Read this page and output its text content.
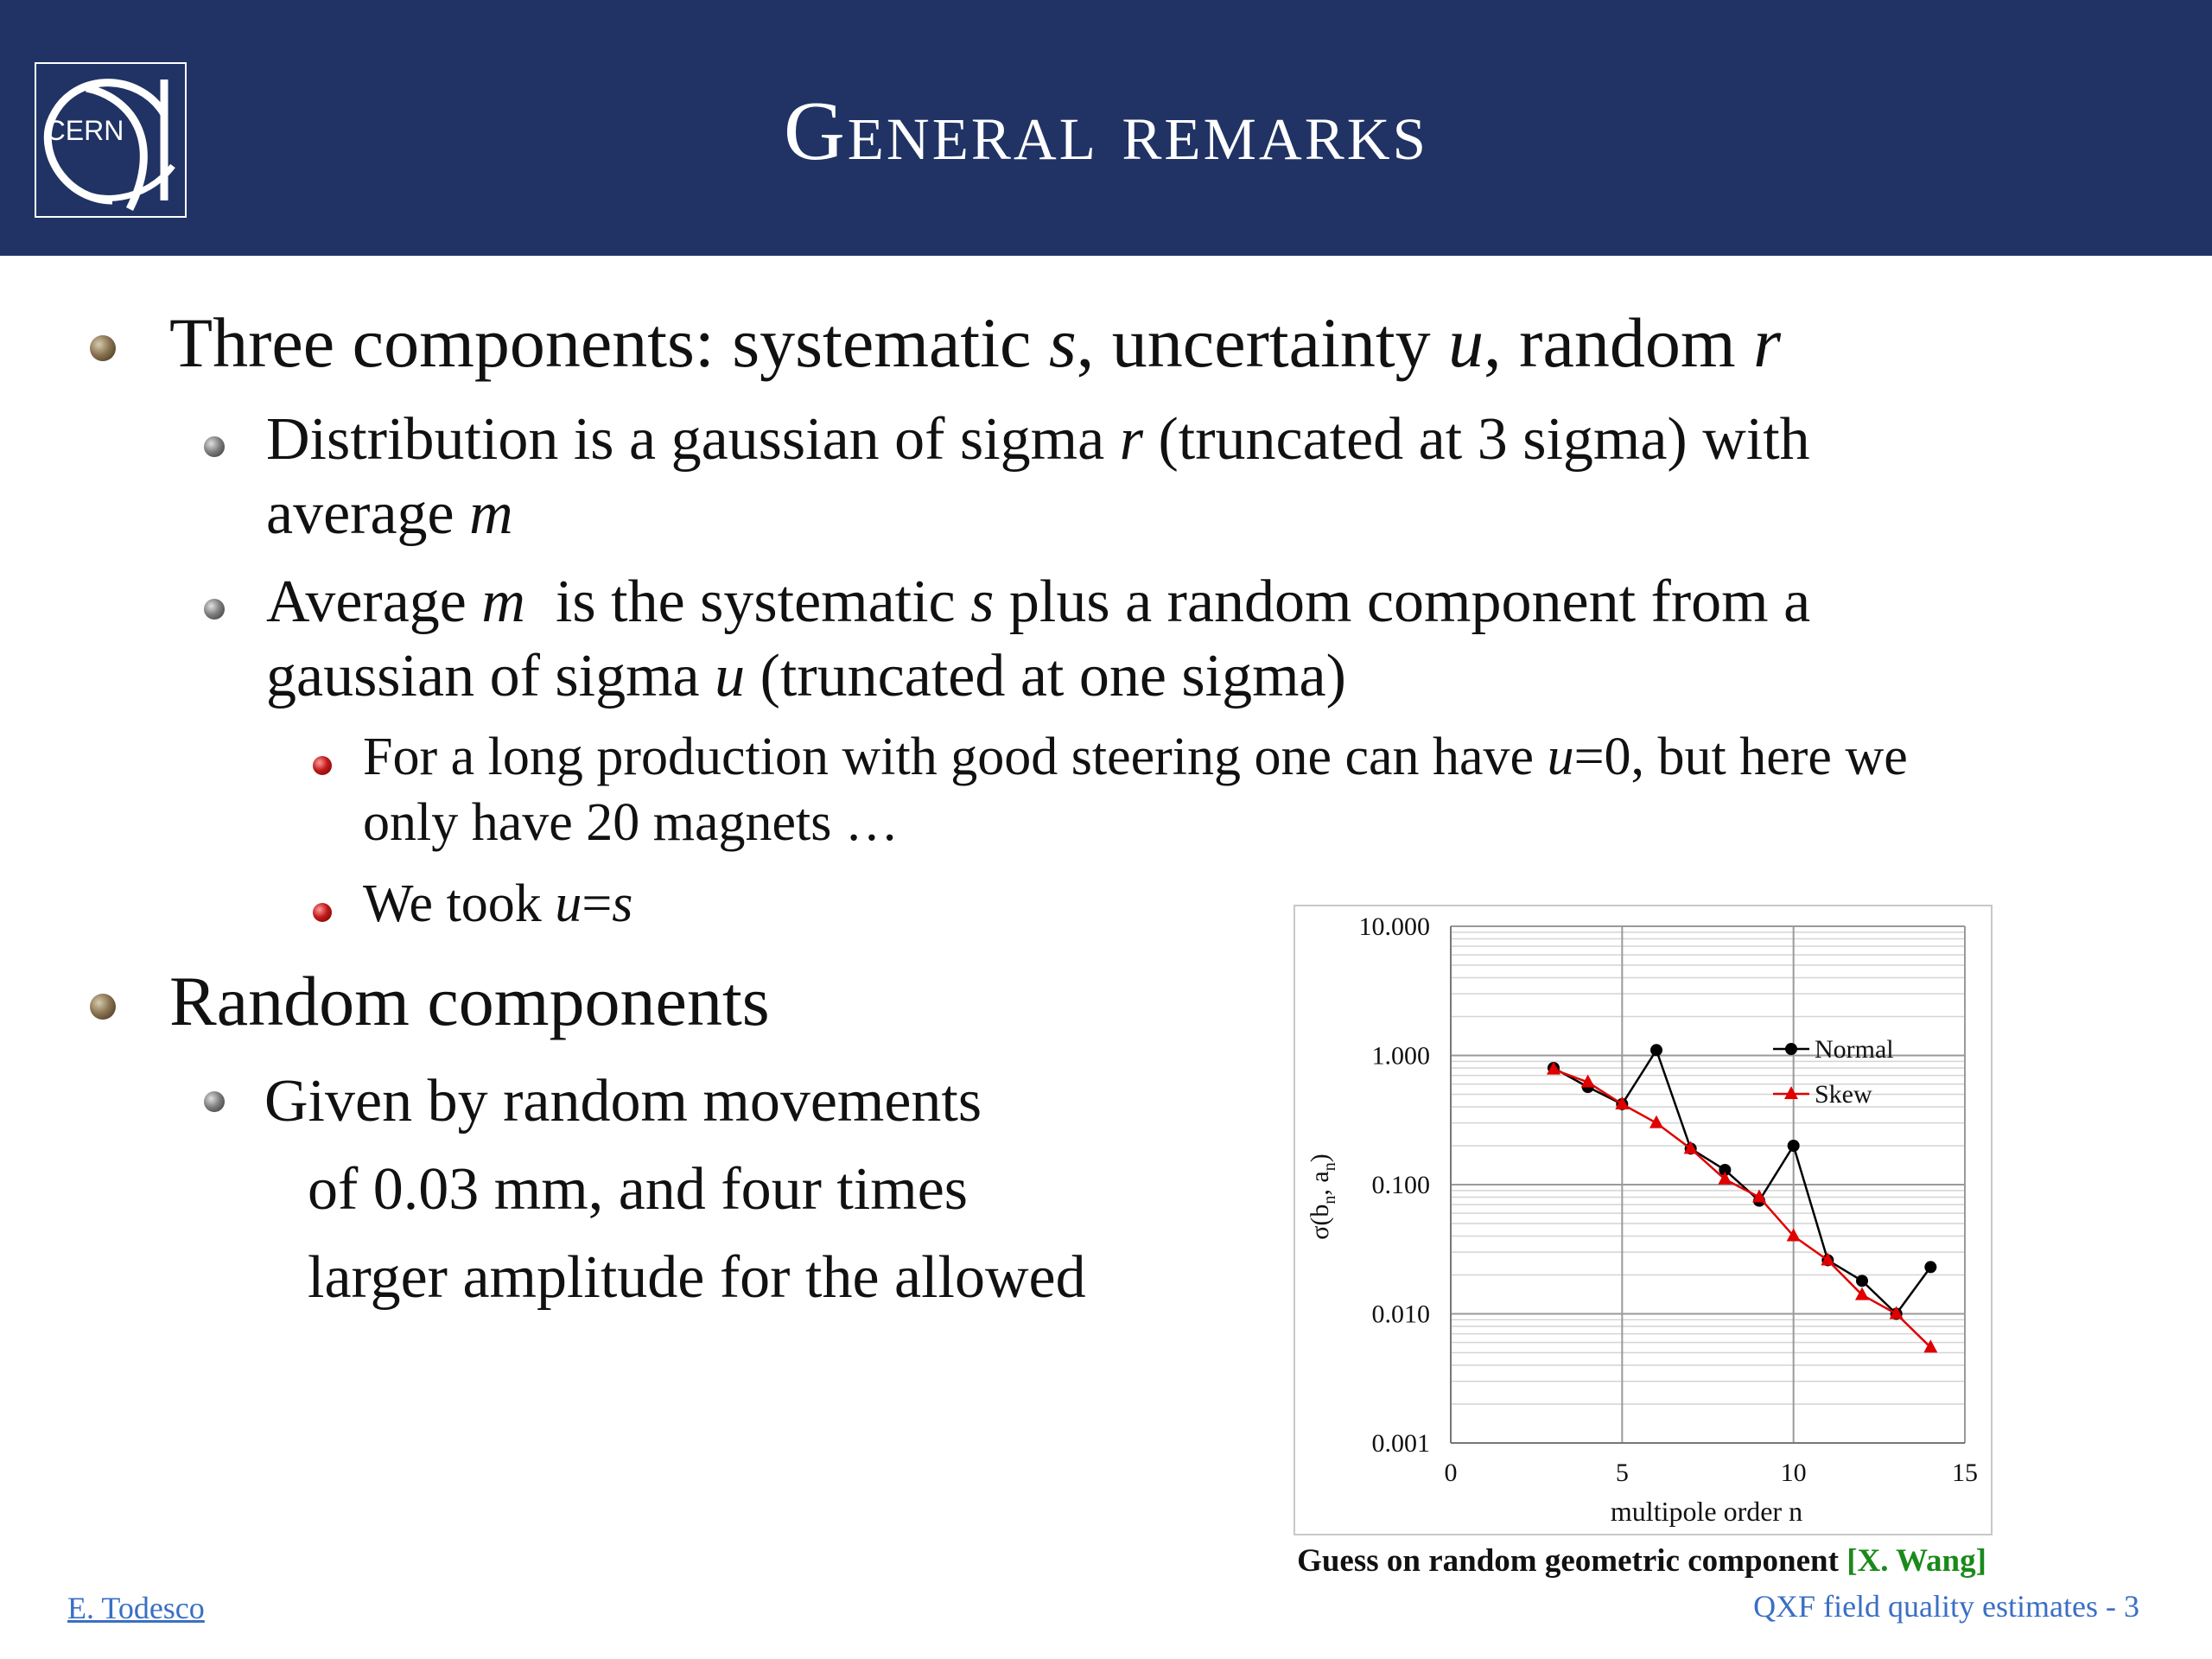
CERN	General remarks
Three components: systematic s, uncertainty u, random r
Distribution is a gaussian of sigma r (truncated at 3 sigma) with
average m
Average m  is the systematic s plus a random component from a
gaussian of sigma u (truncated at one sigma)
For a long production with good steering one can have u=0, but here we
only have 20 magnets …
We took u=s
Random components
Given by random movements
of 0.03 mm, and four times
larger amplitude for the allowed
10.000
1.000
0.100
0.010
0.001
0	5	10	15
Normal
Skew
$\sigma(b_n$, $a_n$)
multipole order n
Guess on random geometric component [X. Wang]
E. Todesco	QXF field quality estimates - 3
